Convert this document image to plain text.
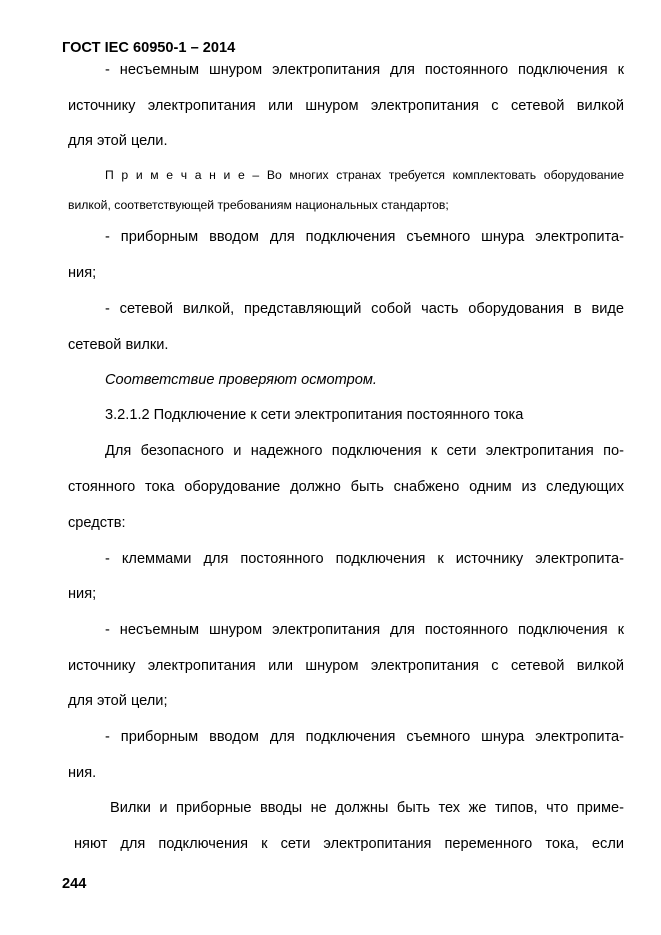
ГОСТ IEC 60950-1 – 2014
- несъемным шнуром электропитания для постоянного подключения к
источнику электропитания или шнуром электропитания с сетевой вилкой
для этой цели.
П р и м е ч а н и е – Во многих странах требуется комплектовать оборудование
вилкой, соответствующей требованиям национальных стандартов;
- приборным вводом для подключения съемного шнура электропита-
ния;
- сетевой вилкой, представляющий собой часть оборудования в виде
сетевой вилки.
Соответствие проверяют осмотром.
3.2.1.2 Подключение к сети электропитания постоянного тока
Для безопасного и надежного подключения к сети электропитания по-
стоянного тока оборудование должно быть снабжено одним из следующих
средств:
- клеммами для постоянного подключения к источнику электропита-
ния;
- несъемным шнуром электропитания для постоянного подключения к
источнику электропитания или шнуром электропитания с сетевой вилкой
для этой цели;
- приборным вводом для подключения съемного шнура электропита-
ния.
Вилки и приборные вводы не должны быть тех же типов, что приме-
няют для подключения к сети электропитания переменного тока, если
244
